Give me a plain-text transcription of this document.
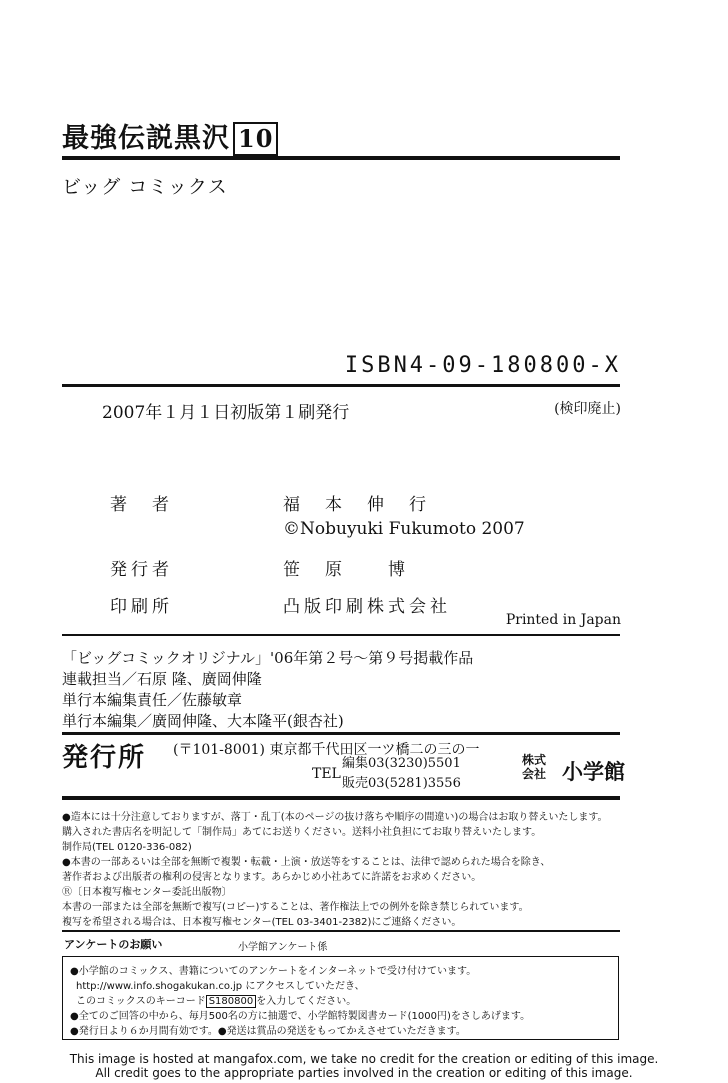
最強伝説黒沢 10
ビッグ コミックス
ISBN4-09-180800-X
2007年１月１日初版第１刷発行	(検印廃止)
著　者	福　本　伸　行
©Nobuyuki Fukumoto 2007
発行者	笹　原　　博
印刷所	凸版印刷株式会社
Printed in Japan
「ビッグコミックオリジナル」'06年第２号〜第９号掲載作品
連載担当／石原 隆、廣岡伸隆
単行本編集責任／佐藤敏章
単行本編集／廣岡伸隆、大本隆平(銀杏社)
発行所 (〒101-8001) 東京都千代田区一ツ橋二の三の一
TEL
編集03(3230)5501
販売03(5281)3556
株式
会社 小学館
●造本には十分注意しておりますが、落丁・乱丁(本のページの抜け落ちや順序の間違い)の場合はお取り替えいたします。
購入された書店名を明記して「制作局」あてにお送りください。送料小社負担にてお取り替えいたします。
制作局(TEL 0120-336-082)
●本書の一部あるいは全部を無断で複製・転載・上演・放送等をすることは、法律で認められた場合を除き、
著作者および出版者の権利の侵害となります。あらかじめ小社あてに許諾をお求めください。
Ⓡ〔日本複写権センター委託出版物〕
本書の一部または全部を無断で複写(コピー)することは、著作権法上での例外を除き禁じられています。
複写を希望される場合は、日本複写権センター(TEL 03-3401-2382)にご連絡ください。
アンケートのお願い	小学館アンケート係
●小学館のコミックス、書籍についてのアンケートをインターネットで受け付けています。
http://www.info.shogakukan.co.jp にアクセスしていただき、
このコミックスのキーコード S180800 を入力してください。
●全てのご回答の中から、毎月500名の方に抽選で、小学館特製図書カード(1000円)をさしあげます。
●発行日より６か月間有効です。●発送は賞品の発送をもってかえさせていただきます。
This image is hosted at mangafox.com, we take no credit for the creation or editing of this image.
All credit goes to the appropriate parties involved in the creation or editing of this image.
